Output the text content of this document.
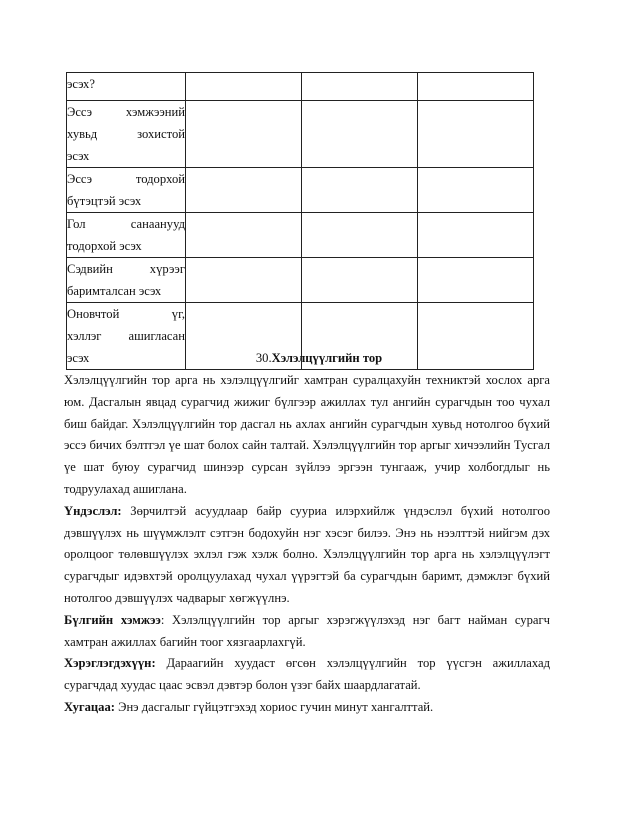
эсэх?			

Эссэ хэмжээний
хувьд зохистой
эсэх			

Эссэ тодорхой
бүтэцтэй эсэх			

Гол санаанууд
тодорхой эсэх			

Сэдвийн хүрээг
баримталсан эсэх			

Оновчтой үг,
хэллэг ашигласан
эсэх			
				30.Хэлэлцүүлгийн тор

Хэлэлцүүлгийн тор арга нь хэлэлцүүлгийг хамтран суралцахуйн техниктэй хослох арга юм. Дасгалын явцад сурагчид жижиг бүлгээр ажиллах тул ангийн сурагчдын тоо чухал биш байдаг. Хэлэлцүүлгийн тор дасгал нь ахлах ангийн сурагчдын хувьд нотолгоо бүхий эссэ бичих бэлтгэл үе шат болох сайн талтай. Хэлэлцүүлгийн тор аргыг хичээлийн Тусгал үе шат буюу сурагчид шинээр сурсан зүйлээ эргээн тунгааж, учир холбогдлыг нь тодруулахад ашиглана.

Үндэслэл: Зөрчилтэй асуудлаар байр сууриа илэрхийлж үндэслэл бүхий нотолгоо дэвшүүлэх нь шүүмжлэлт сэтгэн бодохуйн нэг хэсэг билээ. Энэ нь нээлттэй нийгэм дэх оролцоог төлөвшүүлэх эхлэл гэж хэлж болно. Хэлэлцүүлгийн тор арга нь хэлэлцүүлэгт сурагчдыг идэвхтэй оролцуулахад чухал үүрэгтэй ба сурагчдын баримт, дэмжлэг бүхий нотолгоо дэвшүүлэх чадварыг хөгжүүлнэ.

Бүлгийн хэмжээ: Хэлэлцүүлгийн тор аргыг хэрэгжүүлэхэд нэг багт найман сурагч хамтран ажиллах багийн тоог хязгаарлахгүй.

Хэрэглэгдэхүүн: Дараагийн хуудаст өгсөн хэлэлцүүлгийн тор үүсгэн ажиллахад сурагчдад хуудас цаас эсвэл дэвтэр болон үзэг байх шаардлагатай.

Хугацаа: Энэ дасгалыг гүйцэтгэхэд хориос гучин минут хангалттай.
